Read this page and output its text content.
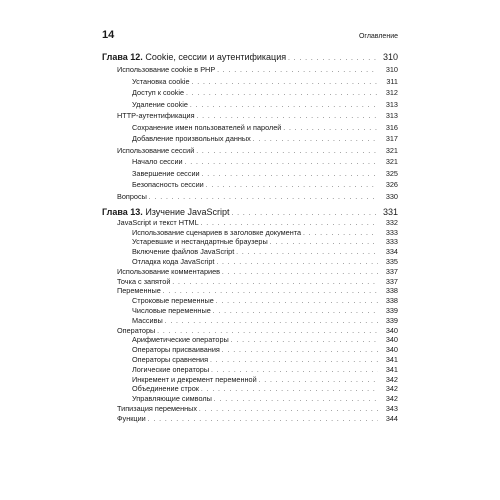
14	Оглавление
Глава 12. Cookie, сессии и аутентификация . . .	310
Использование cookie в PHP . . .	310
Установка cookie . . .	311
Доступ к cookie . . .	312
Удаление cookie . . .	313
HTTP-аутентификация . . .	313
Сохранение имен пользователей и паролей . . .	316
Добавление произвольных данных . . .	317
Использование сессий . . .	321
Начало сессии . . .	321
Завершение сессии . . .	325
Безопасность сессии . . .	326
Вопросы . . .	330
Глава 13. Изучение JavaScript . . .	331
JavaScript и текст HTML . . .	332
Использование сценариев в заголовке документа . . .	333
Устаревшие и нестандартные браузеры . . .	333
Включение файлов JavaScript . . .	334
Отладка кода JavaScript . . .	335
Использование комментариев . . .	337
Точка с запятой . . .	337
Переменные . . .	338
Строковые переменные . . .	338
Числовые переменные . . .	339
Массивы . . .	339
Операторы . . .	340
Арифметические операторы . . .	340
Операторы присваивания . . .	340
Операторы сравнения . . .	341
Логические операторы . . .	341
Инкремент и декремент переменной . . .	342
Объединение строк . . .	342
Управляющие символы . . .	342
Типизация переменных . . .	343
Функции . . .	344
